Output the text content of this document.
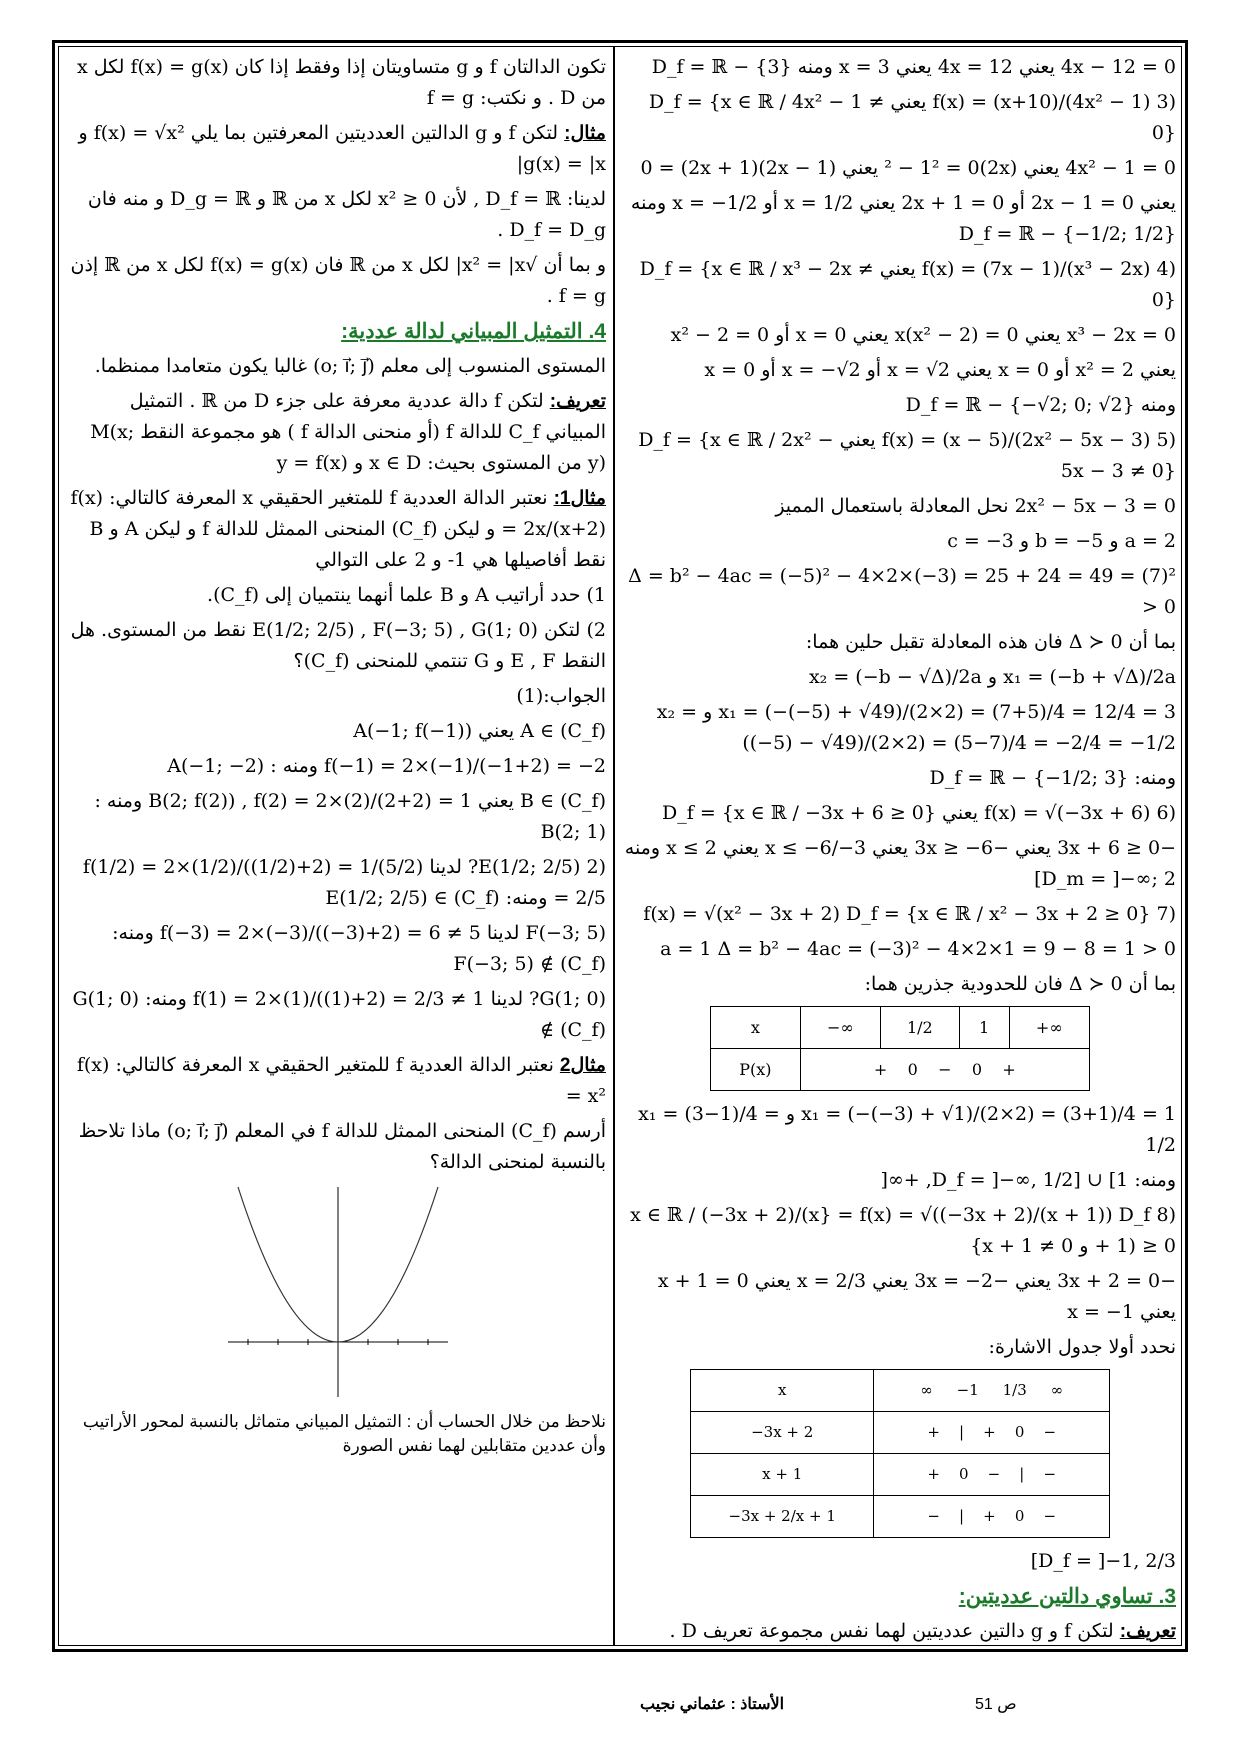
تكون الدالتان f و g متساويتان إذا وفقط إذا كان f(x) = g(x) لكل x من D . و نكتب: f = g
مثال: لتكن f و g الدالتين العدديتين المعرفتين بما يلي f(x) = √x² و g(x) = |x|
لدينا: D_f = ℝ , لأن x² ≥ 0 لكل x من ℝ و D_g = ℝ و منه فان D_f = D_g .
و بما أن √x² = |x| لكل x من ℝ فان f(x) = g(x) لكل x من ℝ إذن f = g .
4. التمثيل المبياني لدالة عددية:
المستوى المنسوب إلى معلم (o; i⃗; j⃗) غالبا يكون متعامدا ممنظما.
تعريف: لتكن f دالة عددية معرفة على جزء D من ℝ . التمثيل المبياني C_f للدالة f (أو منحنى الدالة f ) هو مجموعة النقط M(x; y) من المستوى بحيث: x ∈ D و y = f(x)
مثال1: نعتبر الدالة العددية f للمتغير الحقيقي x المعرفة كالتالي: f(x) = 2x/(x+2) و ليكن (C_f) المنحنى الممثل للدالة f و ليكن A و B نقط أفاصيلها هي 1- و 2 على التوالي
1) حدد أراتيب A و B علما أنهما ينتميان إلى (C_f).
2) لتكن E(1/2; 2/5) , F(−3; 5) , G(1; 0) نقط من المستوى. هل النقط E , F و G تنتمي للمنحنى (C_f)؟
الجواب:(1)
A ∈ (C_f) يعني A(−1; f(−1))
f(−1) = 2×(−1)/(−1+2) = −2 ومنه : A(−1; −2)
B ∈ (C_f) يعني B(2; f(2)) , f(2) = 2×(2)/(2+2) = 1 ومنه : B(2; 1)
(2 E(1/2; 2/5)? لدينا f(1/2) = 2×(1/2)/((1/2)+2) = 1/(5/2) = 2/5 ومنه: E(1/2; 2/5) ∈ (C_f)
F(−3; 5) لدينا f(−3) = 2×(−3)/((−3)+2) = 6 ≠ 5 ومنه: F(−3; 5) ∉ (C_f)
G(1; 0)? لدينا f(1) = 2×(1)/((1)+2) = 2/3 ≠ 1 ومنه: G(1; 0) ∉ (C_f)
مثال2 نعتبر الدالة العددية f للمتغير الحقيقي x المعرفة كالتالي: f(x) = x²
أرسم (C_f) المنحنى الممثل للدالة f في المعلم (o; i⃗; j⃗) ماذا تلاحظ بالنسبة لمنحنى الدالة؟
نلاحظ من خلال الحساب أن : التمثيل المبياني متماثل بالنسبة لمحور الأراتيب وأن عددين متقابلين لهما نفس الصورة
4x − 12 = 0 يعني 4x = 12 يعني x = 3 ومنه D_f = ℝ − {3}
(3 f(x) = (x+10)/(4x² − 1) يعني D_f = {x ∈ ℝ / 4x² − 1 ≠ 0}
4x² − 1 = 0 يعني (2x)² − 1² = 0 يعني (2x − 1)(2x + 1) = 0
يعني 2x − 1 = 0 أو 2x + 1 = 0 يعني x = 1/2 أو x = −1/2 ومنه D_f = ℝ − {−1/2; 1/2}
(4 f(x) = (7x − 1)/(x³ − 2x) يعني D_f = {x ∈ ℝ / x³ − 2x ≠ 0}
x³ − 2x = 0 يعني x(x² − 2) = 0 يعني x = 0 أو x² − 2 = 0
يعني x² = 2 أو x = 0 يعني x = √2 أو x = −√2 أو x = 0
ومنه D_f = ℝ − {−√2; 0; √2}
(5 f(x) = (x − 5)/(2x² − 5x − 3) يعني D_f = {x ∈ ℝ / 2x² − 5x − 3 ≠ 0}
2x² − 5x − 3 = 0 نحل المعادلة باستعمال المميز
a = 2 و b = −5 و c = −3
Δ = b² − 4ac = (−5)² − 4×2×(−3) = 25 + 24 = 49 = (7)² > 0
بما أن Δ ≻ 0 فان هذه المعادلة تقبل حلين هما:
x₁ = (−b + √Δ)/2a و x₂ = (−b − √Δ)/2a
x₁ = (−(−5) + √49)/(2×2) = (7+5)/4 = 12/4 = 3 و x₂ = ((−5) − √49)/(2×2) = (5−7)/4 = −2/4 = −1/2
ومنه: D_f = ℝ − {−1/2; 3}
(6 f(x) = √(−3x + 6) يعني D_f = {x ∈ ℝ / −3x + 6 ≥ 0}
−3x + 6 ≥ 0 يعني −3x ≥ −6 يعني x ≤ −6/−3 يعني x ≤ 2 ومنه D_m = ]−∞; 2]
(7 f(x) = √(x² − 3x + 2) D_f = {x ∈ ℝ / x² − 3x + 2 ≥ 0}
a = 1 Δ = b² − 4ac = (−3)² − 4×2×1 = 9 − 8 = 1 > 0
بما أن Δ ≻ 0 فان للحدودية جذرين هما:
x	−∞	1/2	1	+∞
P(x)	+ 0 − 0 +			
x₁ = (−(−3) + √1)/(2×2) = (3+1)/4 = 1 و x₁ = (3−1)/4 = 1/2
ومنه: D_f = ]−∞, 1/2] ∪ [1, +∞[
(8 f(x) = √((−3x + 2)/(x + 1)) D_f = {x ∈ ℝ / (−3x + 2)/(x + 1) ≥ 0 و x + 1 ≠ 0}
−3x + 2 = 0 يعني −3x = −2 يعني x = 2/3 يعني x + 1 = 0 يعني x = −1
نحدد أولا جدول الاشارة:
x	∞ −1 1/3 ∞
−3x + 2	+ | + 0 −
x + 1	+ 0 − | −
−3x + 2/x + 1	− | + 0 −
D_f = ]−1, 2/3]
3. تساوي دالتين عدديتين:
تعريف: لتكن f و g دالتين عدديتين لهما نفس مجموعة تعريف D .
الأستاذ : عثماني نجيب	ص 51
